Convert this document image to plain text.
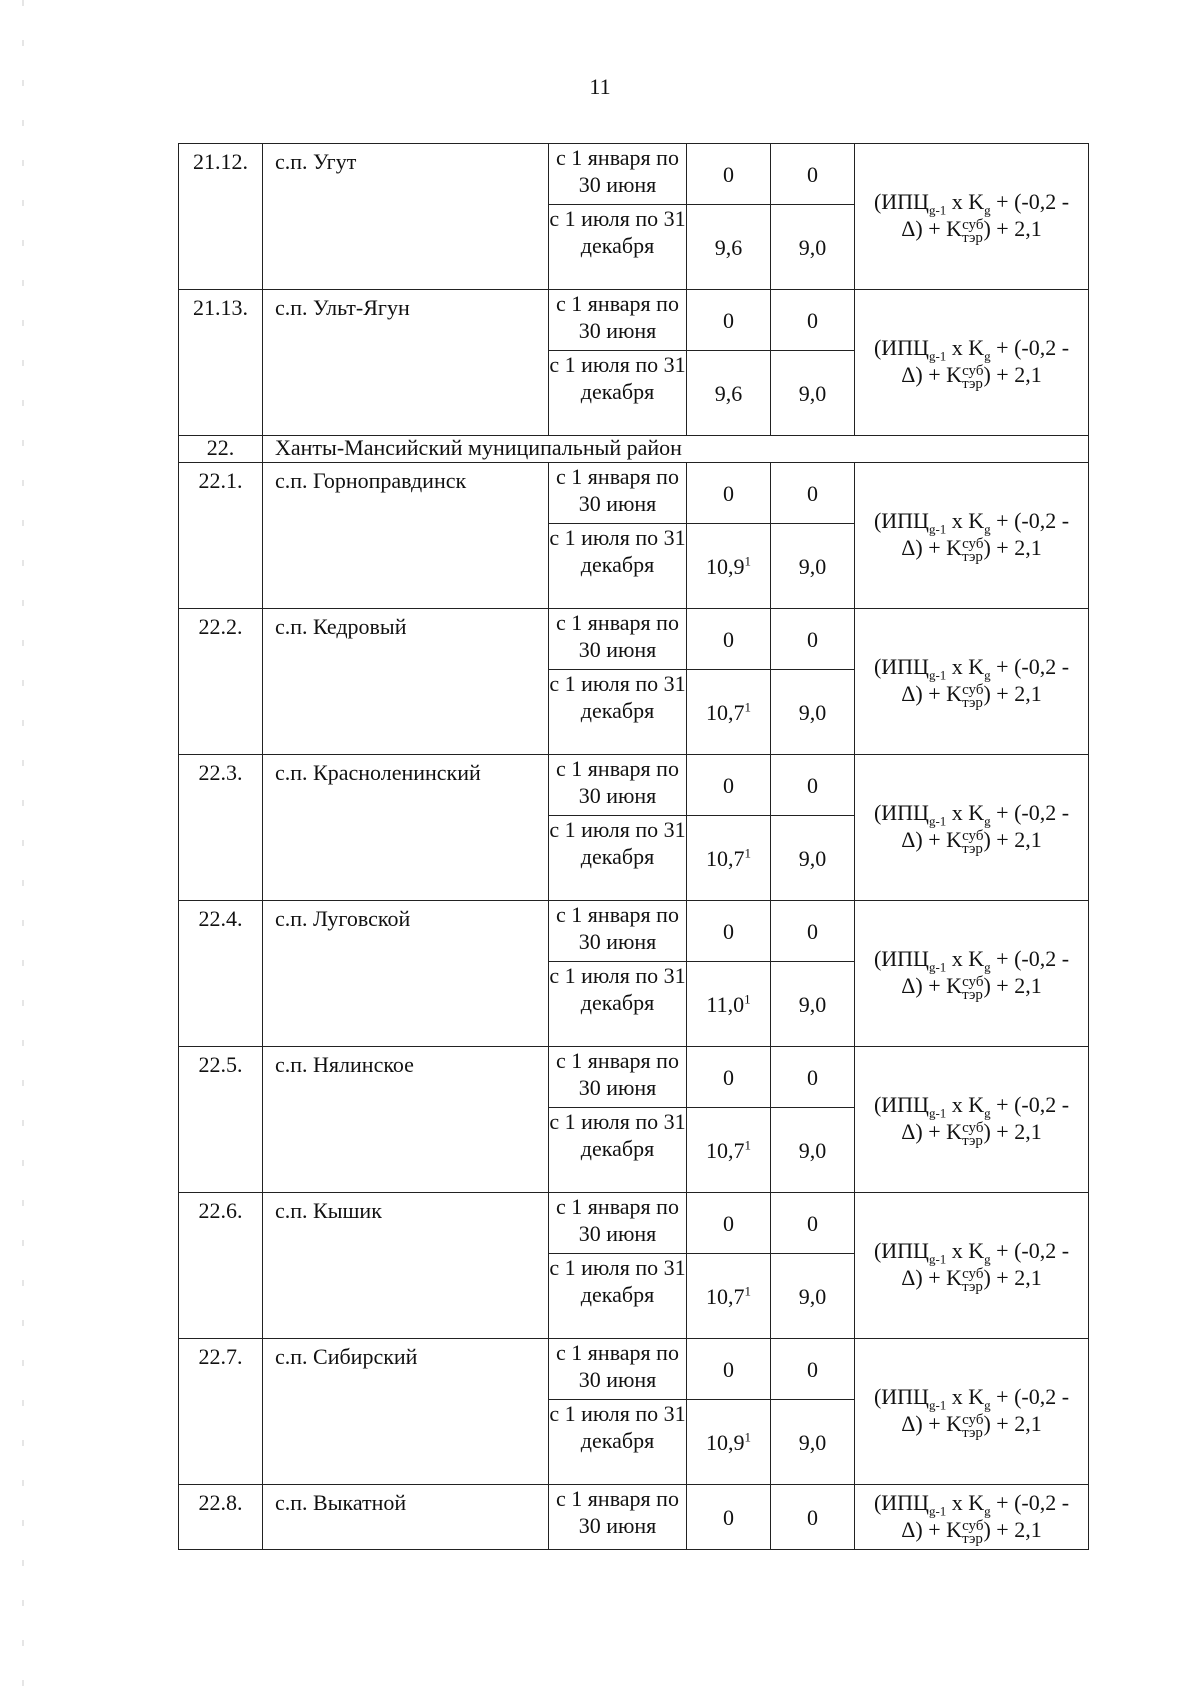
11
21.12.	с.п. Угут	с 1 января по 30 июня	0	0	($ИПЦ_{g-1}$ х $K_g + (-0,2$ -
Δ) + K суб
тэр ) + 2,1
		с 1 июля по 31 декабря	9,6	9,0	
21.13.	с.п. Ульт-Ягун	с 1 января по 30 июня	0	0	($ИПЦ_{g-1}$ х $K_g + (-0,2$ -
Δ) + K суб
тэр ) + 2,1
		с 1 июля по 31 декабря	9,6	9,0	
22.	Ханты-Мансийский муниципальный район				
22.1.	с.п. Горноправдинск	с 1 января по 30 июня	0	0	($ИПЦ_{g-1}$ х $K_g + (-0,2$ -
Δ) + K суб
тэр ) + 2,1
		с 1 июля по 31 декабря	10,9$^1$	9,0	
22.2.	с.п. Кедровый	с 1 января по 30 июня	0	0	($ИПЦ_{g-1}$ х $K_g + (-0,2$ -
Δ) + K суб
тэр ) + 2,1
		с 1 июля по 31 декабря	10,7$^1$	9,0	
22.3.	с.п. Красноленинский	с 1 января по 30 июня	0	0	($ИПЦ_{g-1}$ х $K_g + (-0,2$ -
Δ) + K суб
тэр ) + 2,1
		с 1 июля по 31 декабря	10,7$^1$	9,0	
22.4.	с.п. Луговской	с 1 января по 30 июня	0	0	($ИПЦ_{g-1}$ х $K_g + (-0,2$ -
Δ) + K суб
тэр ) + 2,1
		с 1 июля по 31 декабря	11,0$^1$	9,0	
22.5.	с.п. Нялинское	с 1 января по 30 июня	0	0	($ИПЦ_{g-1}$ х $K_g + (-0,2$ -
Δ) + K суб
тэр ) + 2,1
		с 1 июля по 31 декабря	10,7$^1$	9,0	
22.6.	с.п. Кышик	с 1 января по 30 июня	0	0	($ИПЦ_{g-1}$ х $K_g + (-0,2$ -
Δ) + K суб
тэр ) + 2,1
		с 1 июля по 31 декабря	10,7$^1$	9,0	
22.7.	с.п. Сибирский	с 1 января по 30 июня	0	0	($ИПЦ_{g-1}$ х $K_g + (-0,2$ -
Δ) + K суб
тэр ) + 2,1
		с 1 июля по 31 декабря	10,9$^1$	9,0	
22.8.	с.п. Выкатной	с 1 января по 30 июня	0	0	($ИПЦ_{g-1}$ х $K_g + (-0,2$ -
Δ) + K суб
тэр ) + 2,1
